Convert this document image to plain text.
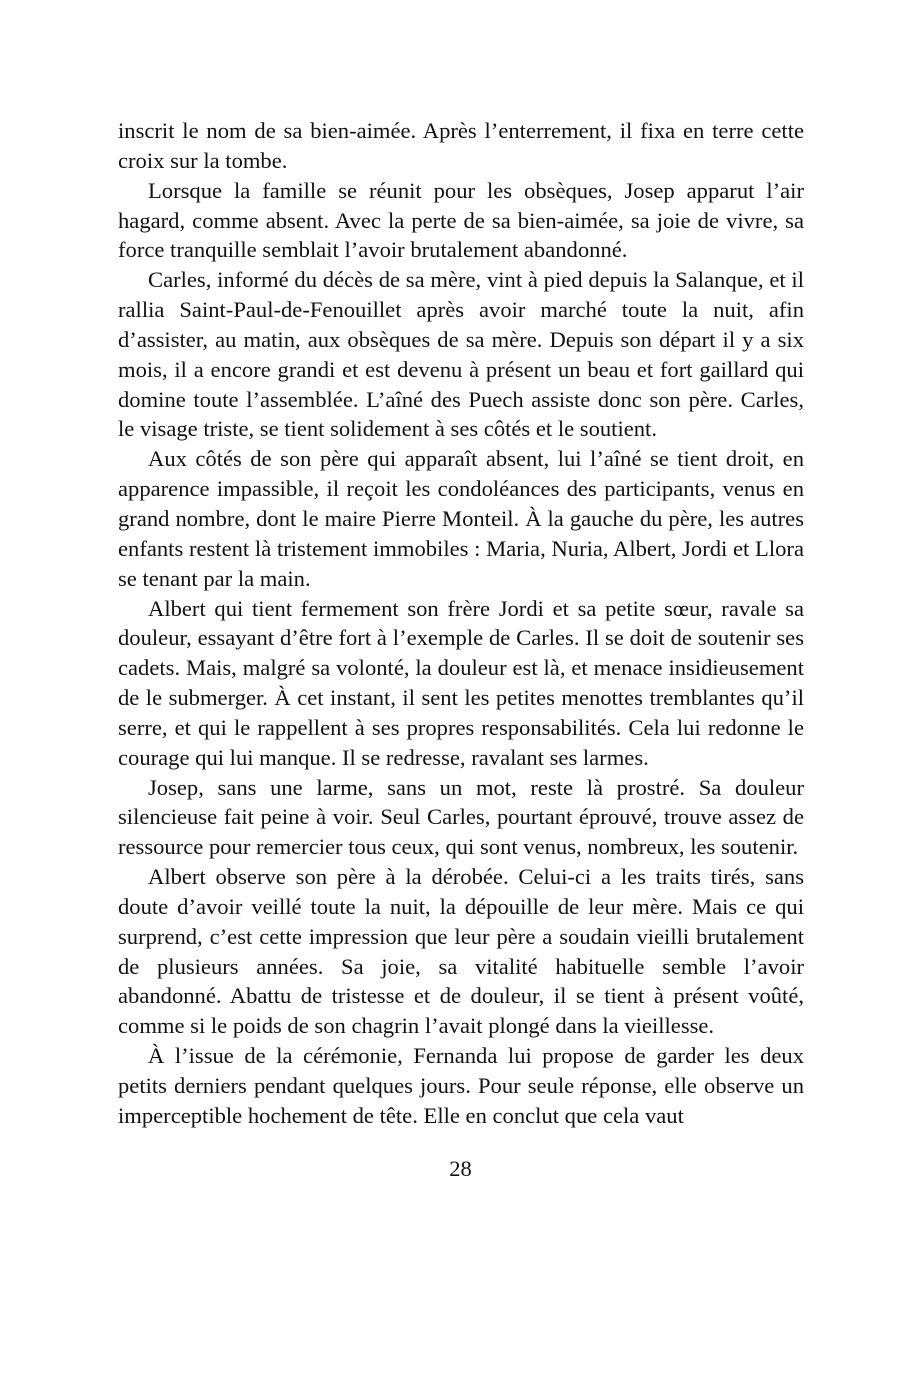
inscrit le nom de sa bien-aimée. Après l’enterrement, il fixa en terre cette croix sur la tombe.

Lorsque la famille se réunit pour les obsèques, Josep apparut l’air hagard, comme absent. Avec la perte de sa bien-aimée, sa joie de vivre, sa force tranquille semblait l’avoir brutalement abandonné.

Carles, informé du décès de sa mère, vint à pied depuis la Salanque, et il rallia Saint-Paul-de-Fenouillet après avoir marché toute la nuit, afin d’assister, au matin, aux obsèques de sa mère. Depuis son départ il y a six mois, il a encore grandi et est devenu à présent un beau et fort gaillard qui domine toute l’assemblée. L’aîné des Puech assiste donc son père. Carles, le visage triste, se tient solidement à ses côtés et le soutient.

Aux côtés de son père qui apparaît absent, lui l’aîné se tient droit, en apparence impassible, il reçoit les condoléances des participants, venus en grand nombre, dont le maire Pierre Monteil. À la gauche du père, les autres enfants restent là tristement immobiles : Maria, Nuria, Albert, Jordi et Llora se tenant par la main.

Albert qui tient fermement son frère Jordi et sa petite sœur, ravale sa douleur, essayant d’être fort à l’exemple de Carles. Il se doit de soutenir ses cadets. Mais, malgré sa volonté, la douleur est là, et menace insidieusement de le submerger. À cet instant, il sent les petites menottes tremblantes qu’il serre, et qui le rappellent à ses propres responsabilités. Cela lui redonne le courage qui lui manque. Il se redresse, ravalant ses larmes.

Josep, sans une larme, sans un mot, reste là prostré. Sa douleur silencieuse fait peine à voir. Seul Carles, pourtant éprouvé, trouve assez de ressource pour remercier tous ceux, qui sont venus, nombreux, les soutenir.

Albert observe son père à la dérobée. Celui-ci a les traits tirés, sans doute d’avoir veillé toute la nuit, la dépouille de leur mère. Mais ce qui surprend, c’est cette impression que leur père a soudain vieilli brutalement de plusieurs années. Sa joie, sa vitalité habituelle semble l’avoir abandonné. Abattu de tristesse et de douleur, il se tient à présent voûté, comme si le poids de son chagrin l’avait plongé dans la vieillesse.

À l’issue de la cérémonie, Fernanda lui propose de garder les deux petits derniers pendant quelques jours. Pour seule réponse, elle observe un imperceptible hochement de tête. Elle en conclut que cela vaut

28
